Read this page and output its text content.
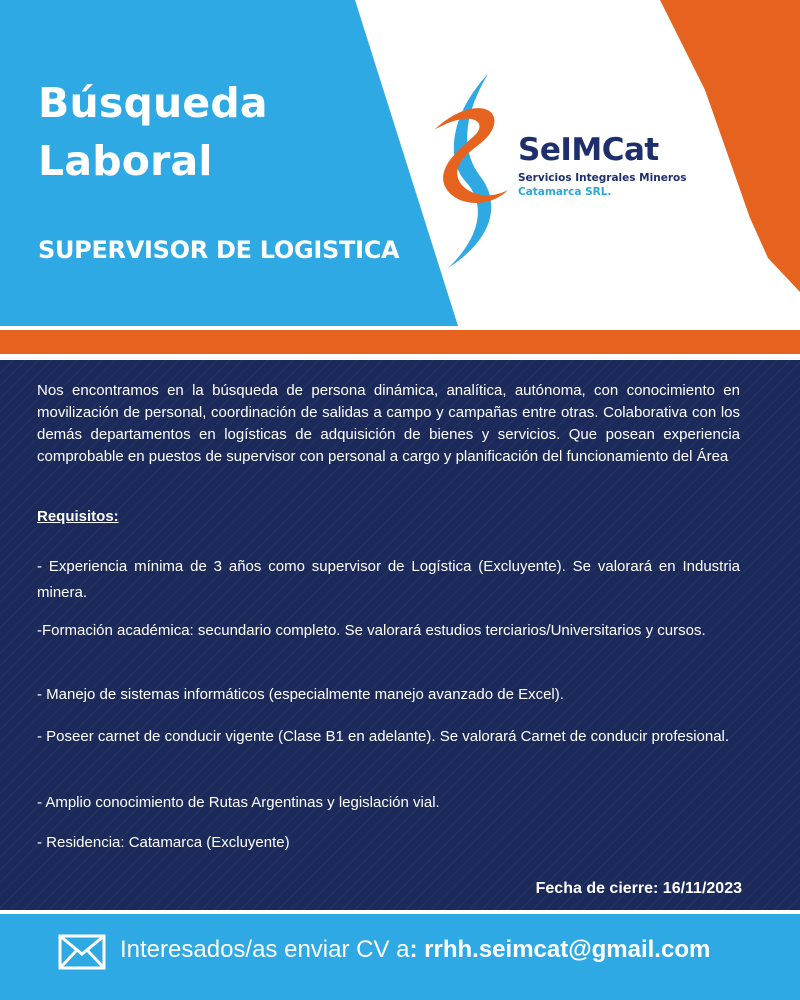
Búsqueda
Laboral
SUPERVISOR DE LOGISTICA
SeIMCat
Servicios Integrales Mineros
Catamarca SRL.

Nos encontramos en la búsqueda de persona dinámica, analítica, autónoma, con conocimiento en movilización de personal, coordinación de salidas a campo y campañas entre otras. Colaborativa con los demás departamentos en logísticas de adquisición de bienes y servicios. Que posean experiencia comprobable en puestos de supervisor con personal a cargo y planificación del funcionamiento del Área

Requisitos:

- Experiencia mínima de 3 años como supervisor de Logística (Excluyente). Se valorará en Industria minera.

-Formación académica: secundario completo. Se valorará estudios terciarios/Universitarios y cursos.

- Manejo de sistemas informáticos (especialmente manejo avanzado de Excel).

- Poseer carnet de conducir vigente (Clase B1 en adelante). Se valorará Carnet de conducir profesional.

- Amplio conocimiento de Rutas Argentinas y legislación vial.

- Residencia: Catamarca (Excluyente)

Fecha de cierre: 16/11/2023

Interesados/as enviar CV a: rrhh.seimcat@gmail.com
